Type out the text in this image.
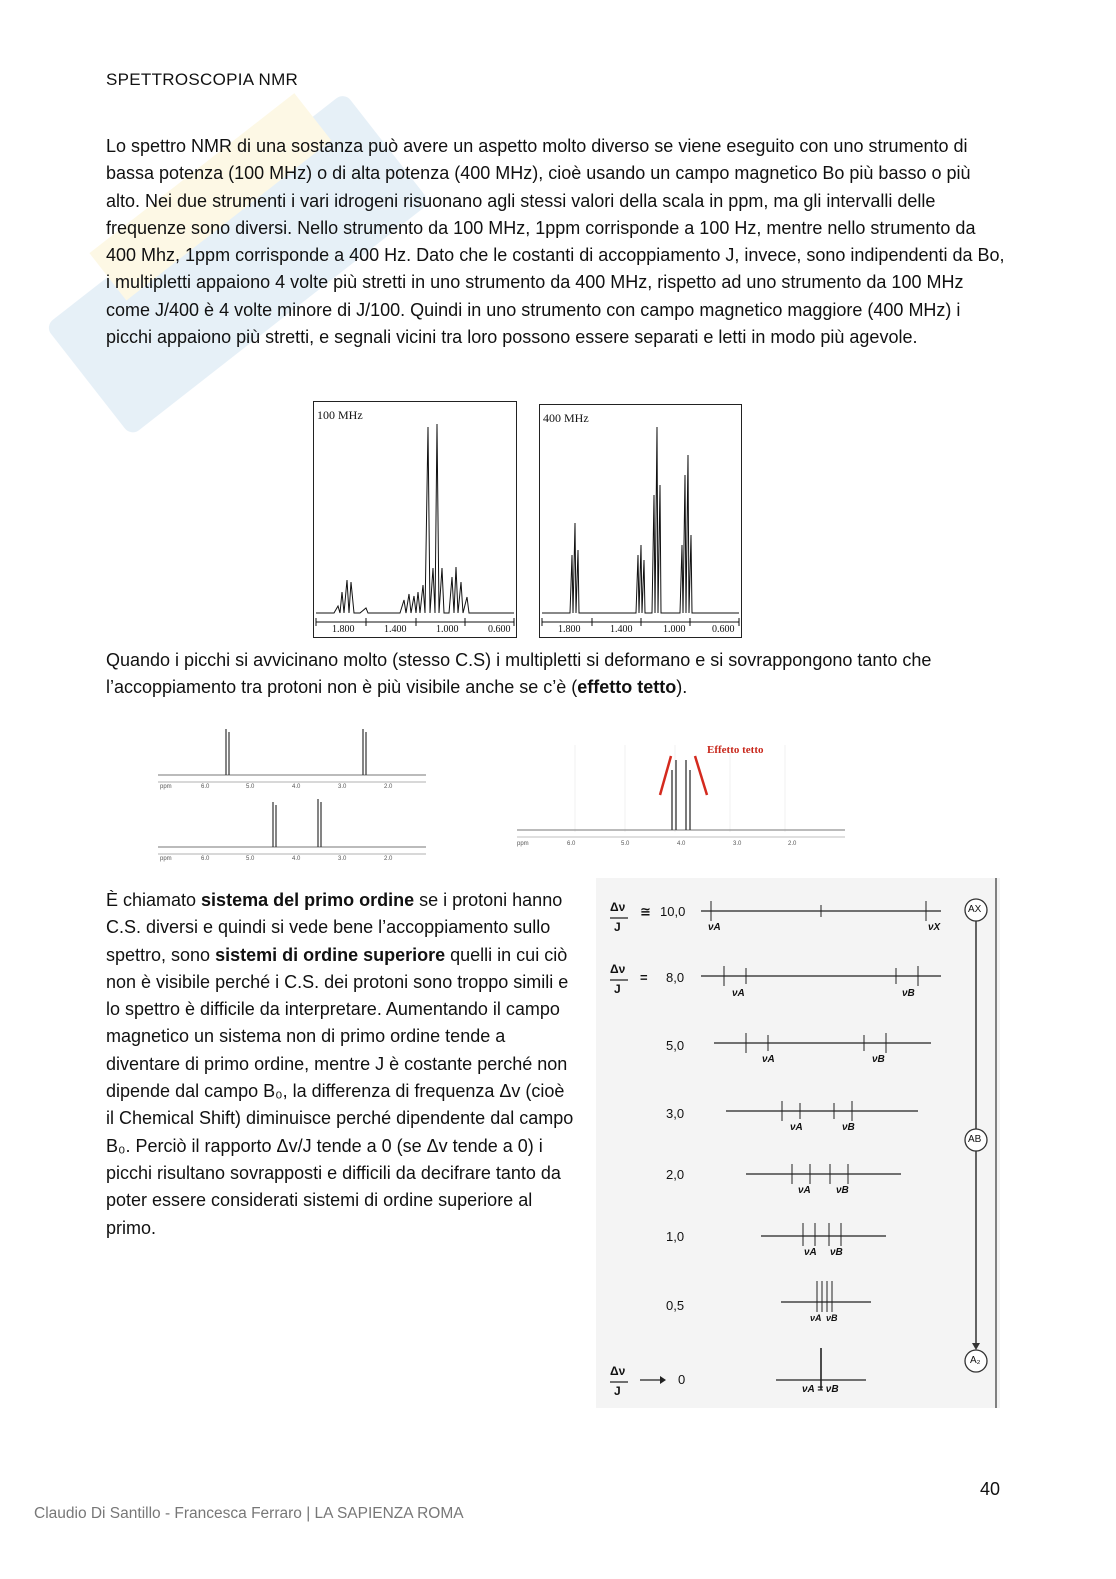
SPETTROSCOPIA NMR
Lo spettro NMR di una sostanza può avere un aspetto molto diverso se viene eseguito con uno strumento di bassa potenza (100 MHz) o di alta potenza (400 MHz), cioè usando un campo magnetico Bo più basso o più alto. Nei due strumenti i vari idrogeni risuonano agli stessi valori della scala in ppm, ma gli intervalli delle frequenze sono diversi. Nello strumento da 100 MHz, 1ppm corrisponde a 100 Hz, mentre nello strumento da 400 Mhz, 1ppm corrisponde a 400 Hz. Dato che le costanti di accoppiamento J, invece, sono indipendenti da Bo, i multipletti appaiono 4 volte più stretti in uno strumento da 400 MHz, rispetto ad uno strumento da 100 MHz come J/400 è 4 volte minore di J/100. Quindi in uno strumento con campo magnetico maggiore (400 MHz) i picchi appaiono più stretti, e segnali vicini tra loro possono essere separati e letti in modo più agevole.
100 MHz
1.800	1.400	1.000	0.600
400 MHz
1.800	1.400	1.000	0.600
Quando i picchi si avvicinano molto (stesso C.S) i multipletti si deformano e si sovrappongono tanto che l’accoppiamento tra protoni non è più visibile anche se c’è (effetto tetto).
ppm	6.0	5.0	4.0	3.0	2.0
ppm	6.0	5.0	4.0	3.0	2.0
Effetto tetto
ppm	6.0	5.0	4.0	3.0	2.0
È chiamato sistema del primo ordine se i protoni hanno C.S. diversi e quindi si vede bene l’accoppiamento sullo spettro, sono sistemi di ordine superiore quelli in cui ciò non è visibile perché i C.S. dei protoni sono troppo simili e lo spettro è difficile da interpretare. Aumentando il campo magnetico un sistema non di primo ordine tende a diventare di primo ordine, mentre J è costante perché non dipende dal campo B₀, la differenza di frequenza Δv (cioè il Chemical Shift) diminuisce perché dipendente dal campo B₀. Perciò il rapporto Δv/J tende a 0 (se Δv tende a 0) i picchi risultano sovrapposti e difficili da decifrare tanto da poter essere considerati sistemi di ordine superiore al primo.
Δν
J
Δν
J
Δν
J
≅ 10,0
= 8,0
5,0
3,0
2,0
1,0
0,5
0
νA	νX
νA	νB
νA	νB
νA	νB
νA	νB
νA νB
νA νB
νA = νB
AX
AB
A₂
40
Claudio Di Santillo - Francesca Ferraro | LA SAPIENZA ROMA
